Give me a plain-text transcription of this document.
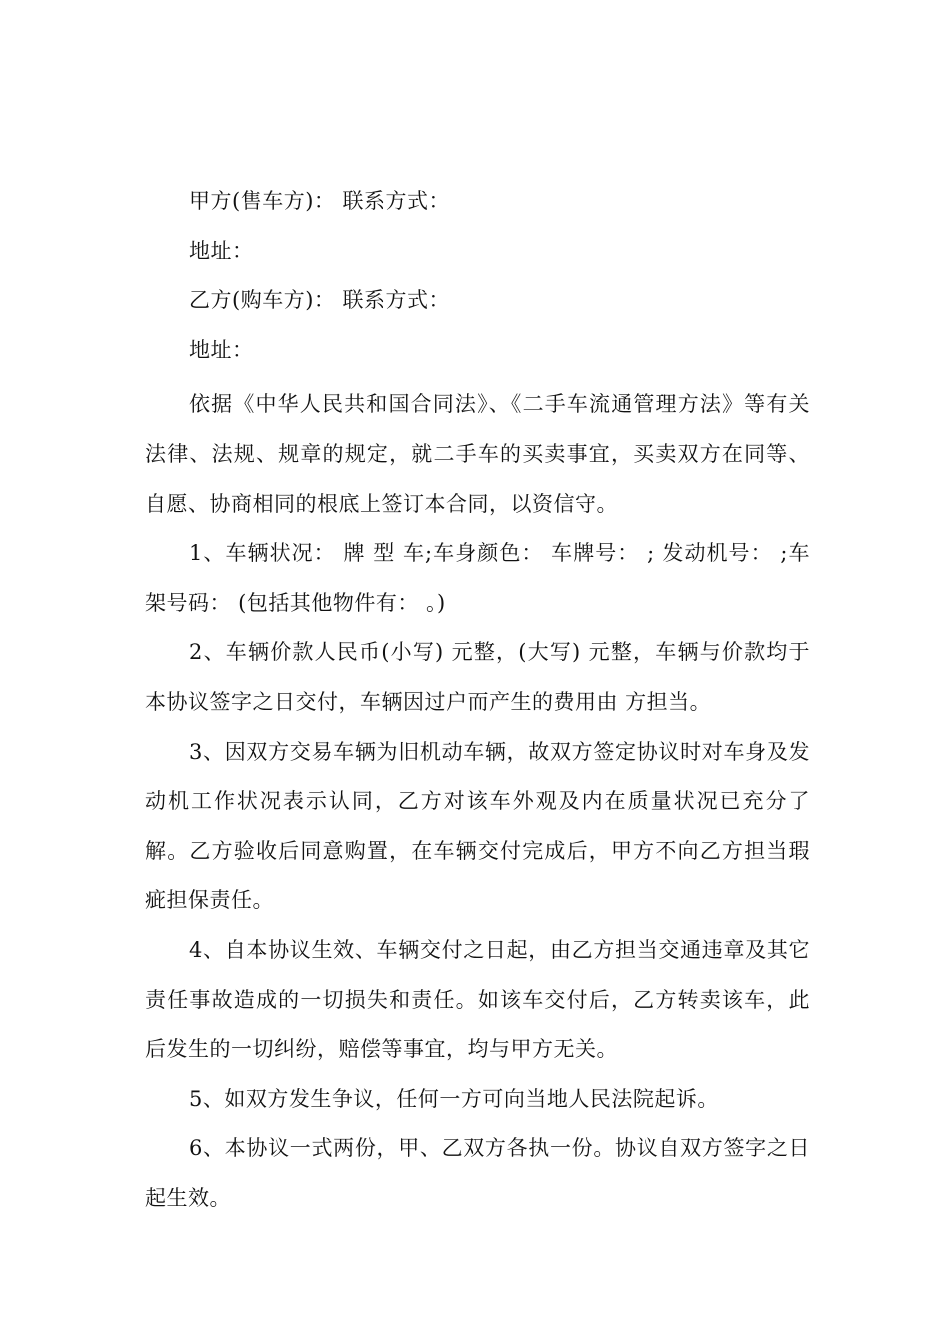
甲方(售车方)： 联系方式：
地址：
乙方(购车方)： 联系方式：
地址：

依据《中华人民共和国合同法》、《二手车流通管理方法》等有关法律、法规、规章的规定，就二手车的买卖事宜，买卖双方在同等、自愿、协商相同的根底上签订本合同，以资信守。

1、车辆状况： 牌 型 车;车身颜色： 车牌号： ; 发动机号： ;车架号码： (包括其他物件有： 。)

2、车辆价款人民币(小写) 元整，(大写) 元整，车辆与价款均于本协议签字之日交付，车辆因过户而产生的费用由 方担当。

3、因双方交易车辆为旧机动车辆，故双方签定协议时对车身及发动机工作状况表示认同，乙方对该车外观及内在质量状况已充分了解。乙方验收后同意购置，在车辆交付完成后，甲方不向乙方担当瑕疵担保责任。

4、自本协议生效、车辆交付之日起，由乙方担当交通违章及其它责任事故造成的一切损失和责任。如该车交付后，乙方转卖该车，此后发生的一切纠纷，赔偿等事宜，均与甲方无关。

5、如双方发生争议，任何一方可向当地人民法院起诉。

6、本协议一式两份，甲、乙双方各执一份。协议自双方签字之日起生效。
